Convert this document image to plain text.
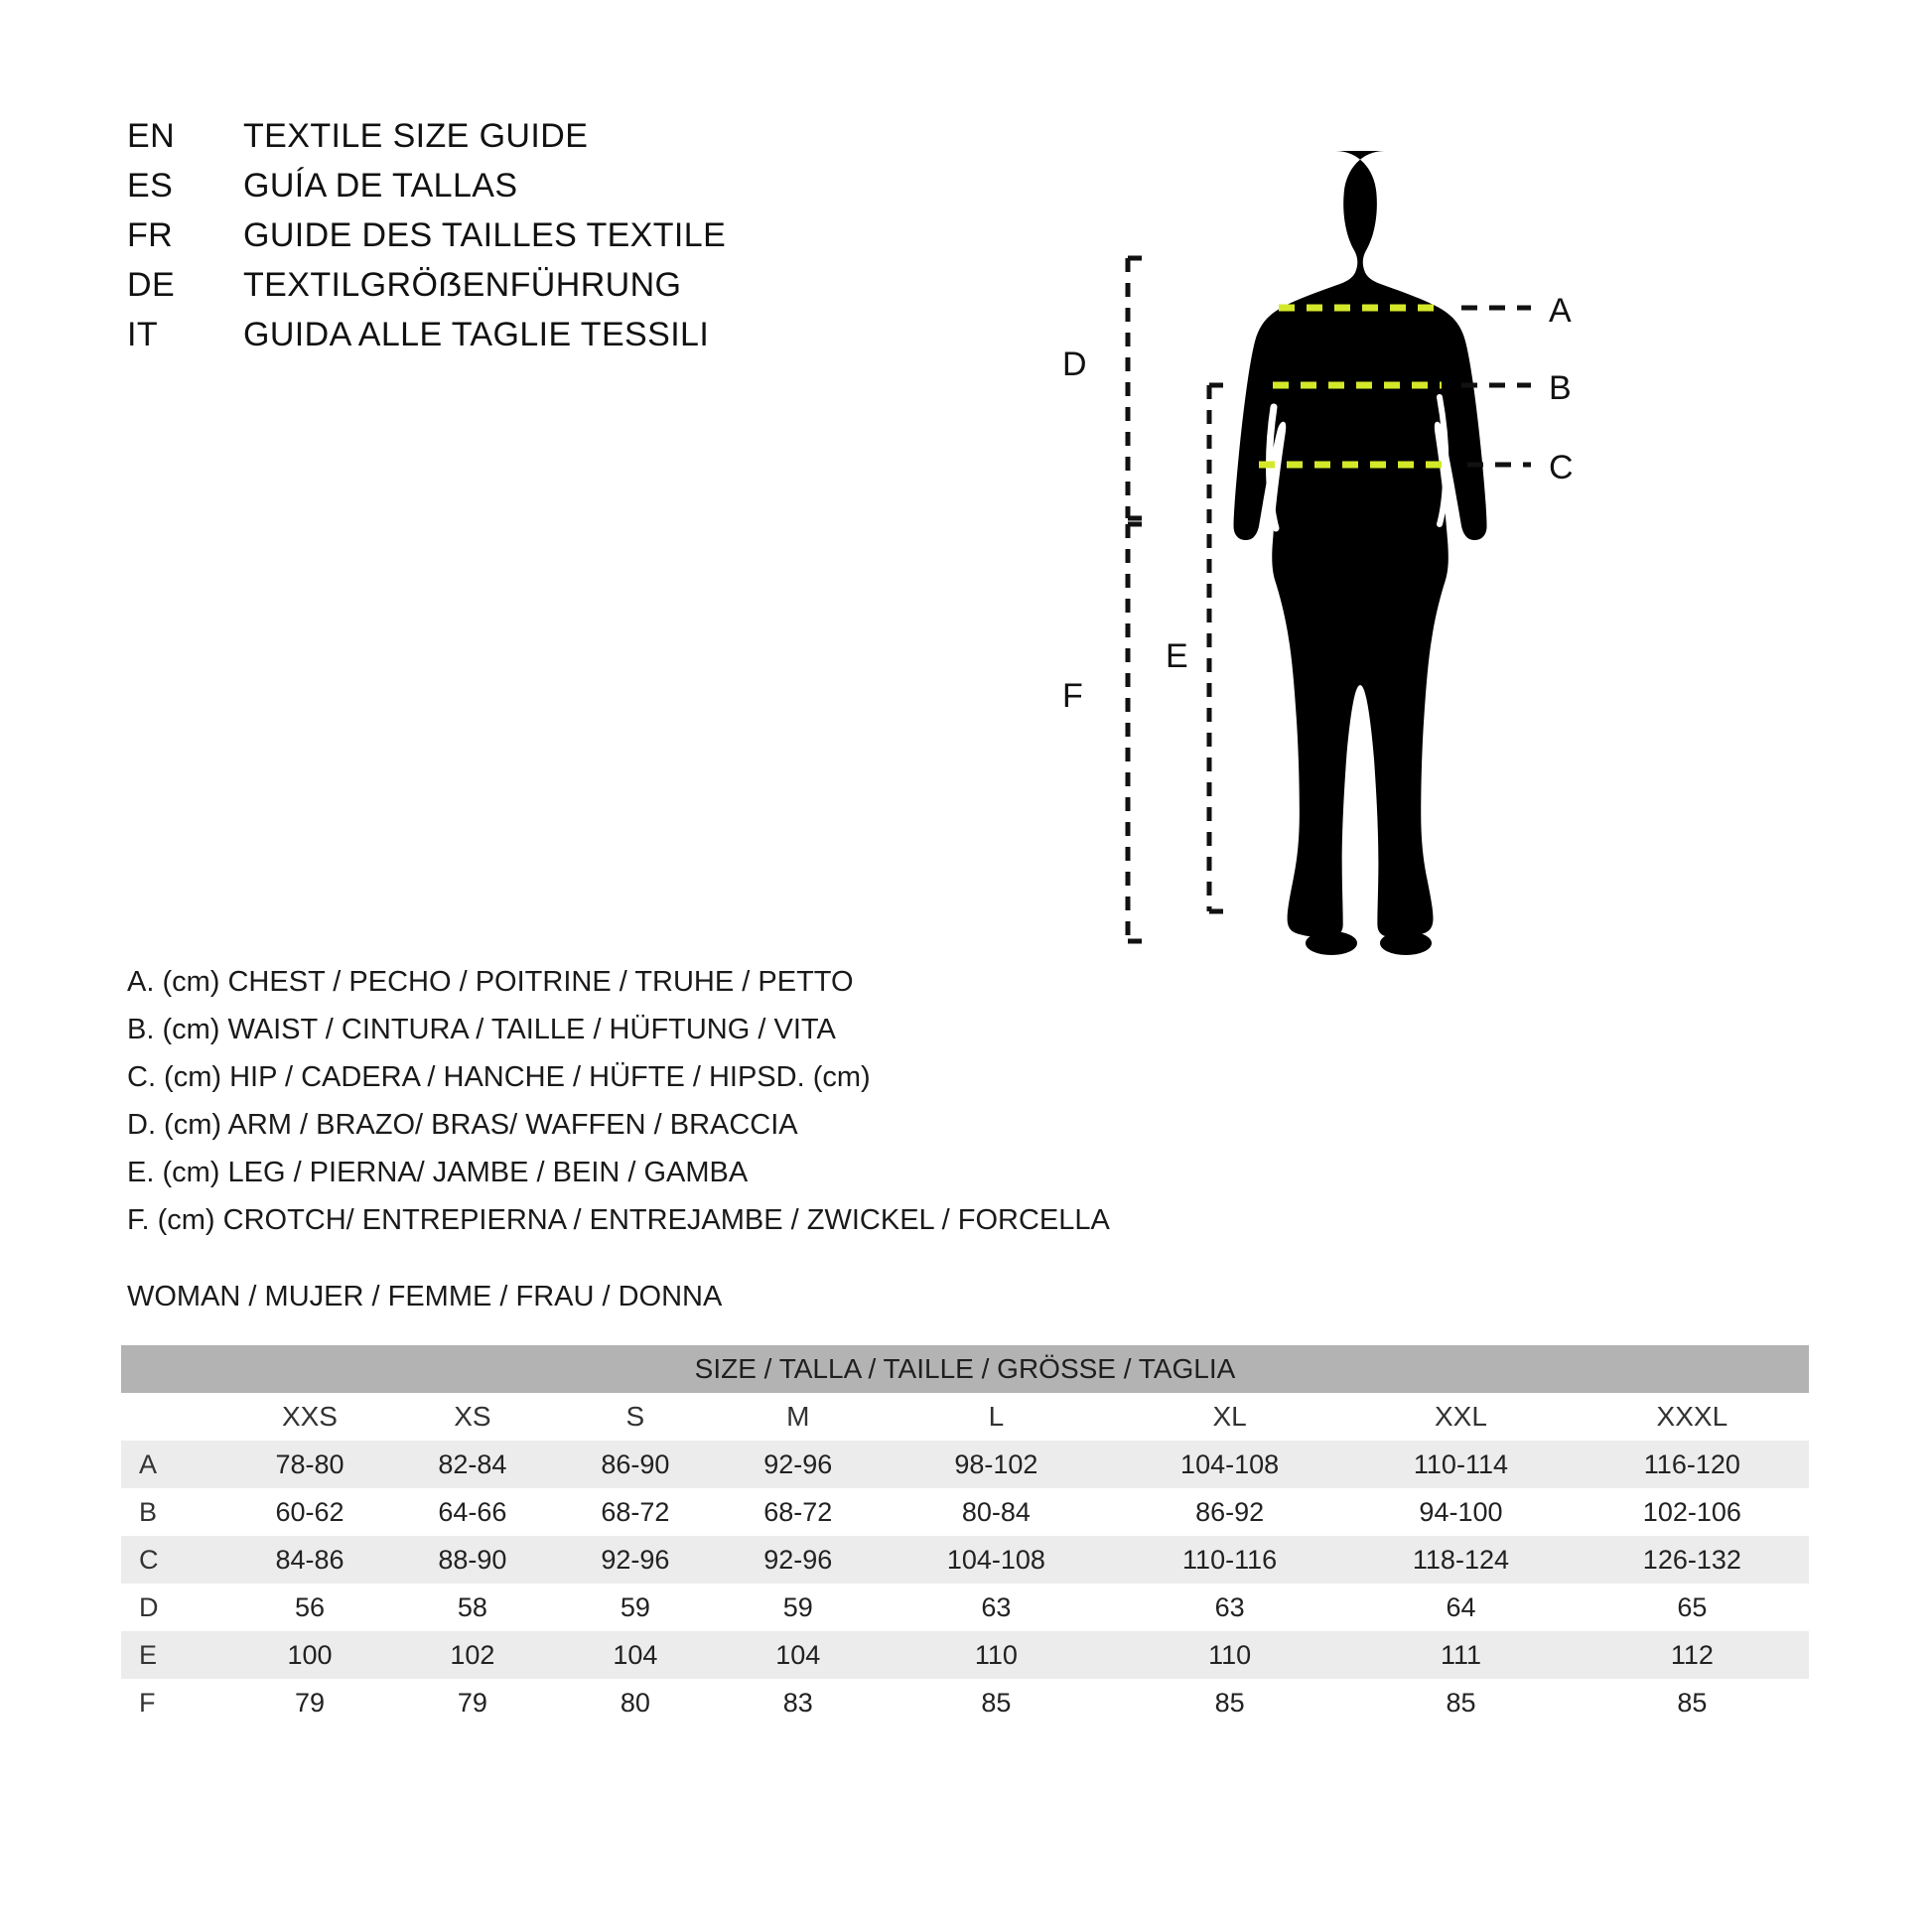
EN	TEXTILE SIZE GUIDE
ES	GUÍA DE TALLAS
FR	GUIDE DES TAILLES TEXTILE
DE	TEXTILGRÖẞENFÜHRUNG
IT	GUIDA ALLE TAGLIE TESSILI
A
B
C
D
E
F
A. (cm) CHEST / PECHO / POITRINE / TRUHE / PETTO
B. (cm) WAIST / CINTURA / TAILLE / HÜFTUNG / VITA
C. (cm) HIP / CADERA / HANCHE / HÜFTE / HIPSD. (cm)
D. (cm) ARM / BRAZO/ BRAS/ WAFFEN / BRACCIA
E. (cm) LEG / PIERNA/ JAMBE / BEIN / GAMBA
F. (cm) CROTCH/ ENTREPIERNA / ENTREJAMBE / ZWICKEL / FORCELLA
WOMAN / MUJER / FEMME / FRAU / DONNA
SIZE / TALLA / TAILLE / GRÖSSE / TAGLIA								
	XXS	XS	S	M	L	XL	XXL	XXXL
A	78-80	82-84	86-90	92-96	98-102	104-108	110-114	116-120
B	60-62	64-66	68-72	68-72	80-84	86-92	94-100	102-106
C	84-86	88-90	92-96	92-96	104-108	110-116	118-124	126-132
D	56	58	59	59	63	63	64	65
E	100	102	104	104	110	110	111	112
F	79	79	80	83	85	85	85	85
